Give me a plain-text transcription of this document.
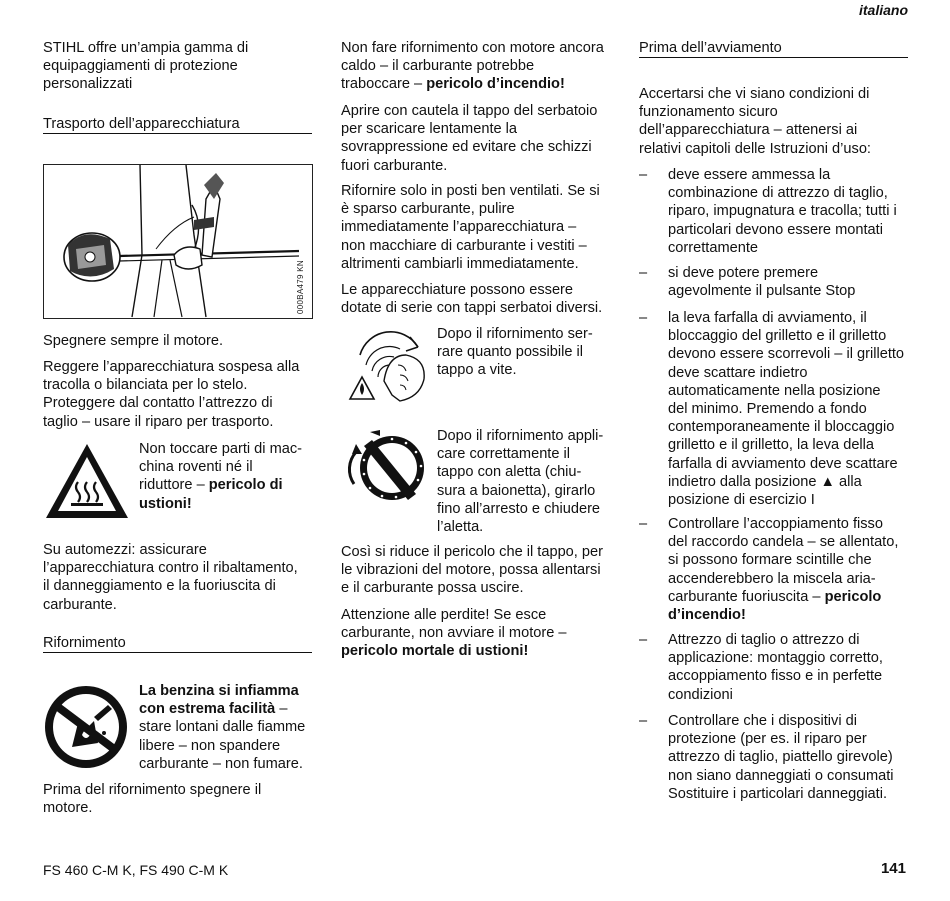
italiano
STIHL offre un’ampia gamma di
equipaggiamenti di protezione
personalizzati
Trasporto dell’apparecchiatura
000BA479 KN
Spegnere sempre il motore.
Reggere l’apparecchiatura sospesa alla
tracolla o bilanciata per lo stelo.
Proteggere dal contatto l’attrezzo di
taglio – usare il riparo per trasporto.
Non toccare parti di mac-
china roventi né il
riduttore – pericolo di
ustioni!
Su automezzi: assicurare
l’apparecchiatura contro il ribaltamento,
il danneggiamento e la fuoriuscita di
carburante.
Rifornimento
La benzina si infiamma
con estrema facilità –
stare lontani dalle fiamme
libere – non spandere
carburante – non fumare.
Prima del rifornimento spegnere il
motore.
Non fare rifornimento con motore ancora
caldo – il carburante potrebbe
traboccare – pericolo d’incendio!
Aprire con cautela il tappo del serbatoio
per scaricare lentamente la
sovrappressione ed evitare che schizzi
fuori carburante.
Rifornire solo in posti ben ventilati. Se si
è sparso carburante, pulire
immediatamente l’apparecchiatura –
non macchiare di carburante i vestiti –
altrimenti cambiarli immediatamente.
Le apparecchiature possono essere
dotate di serie con tappi serbatoi diversi.
Dopo il rifornimento ser-
rare quanto possibile il
tappo a vite.
Dopo il rifornimento appli-
care correttamente il
tappo con aletta (chiu-
sura a baionetta), girarlo
fino all’arresto e chiudere
l’aletta.
Così si riduce il pericolo che il tappo, per
le vibrazioni del motore, possa allentarsi
e il carburante possa uscire.
Attenzione alle perdite! Se esce
carburante, non avviare il motore –
pericolo mortale di ustioni!
Prima dell’avviamento
Accertarsi che vi siano condizioni di
funzionamento sicuro
dell’apparecchiatura – attenersi ai
relativi capitoli delle Istruzioni d’uso:
– deve essere ammessa la
combinazione di attrezzo di taglio,
riparo, impugnatura e tracolla; tutti i
particolari devono essere montati
correttamente
– si deve potere premere
agevolmente il pulsante Stop
– la leva farfalla di avviamento, il
bloccaggio del grilletto e il grilletto
devono essere scorrevoli – il grilletto
deve scattare indietro
automaticamente nella posizione
del minimo. Premendo a fondo
contemporaneamente il bloccaggio
grilletto e il grilletto, la leva della
farfalla di avviamento deve scattare
indietro dalla posizione ▲ alla
posizione di esercizio I
– Controllare l’accoppiamento fisso
del raccordo candela – se allentato,
si possono formare scintille che
accenderebbero la miscela aria-
carburante fuoriuscita – pericolo
d’incendio!
– Attrezzo di taglio o attrezzo di
applicazione: montaggio corretto,
accoppiamento fisso e in perfette
condizioni
– Controllare che i dispositivi di
protezione (per es. il riparo per
attrezzo di taglio, piattello girevole)
non siano danneggiati o consumati
Sostituire i particolari danneggiati.
FS 460 C-M K, FS 490 C-M K	141
